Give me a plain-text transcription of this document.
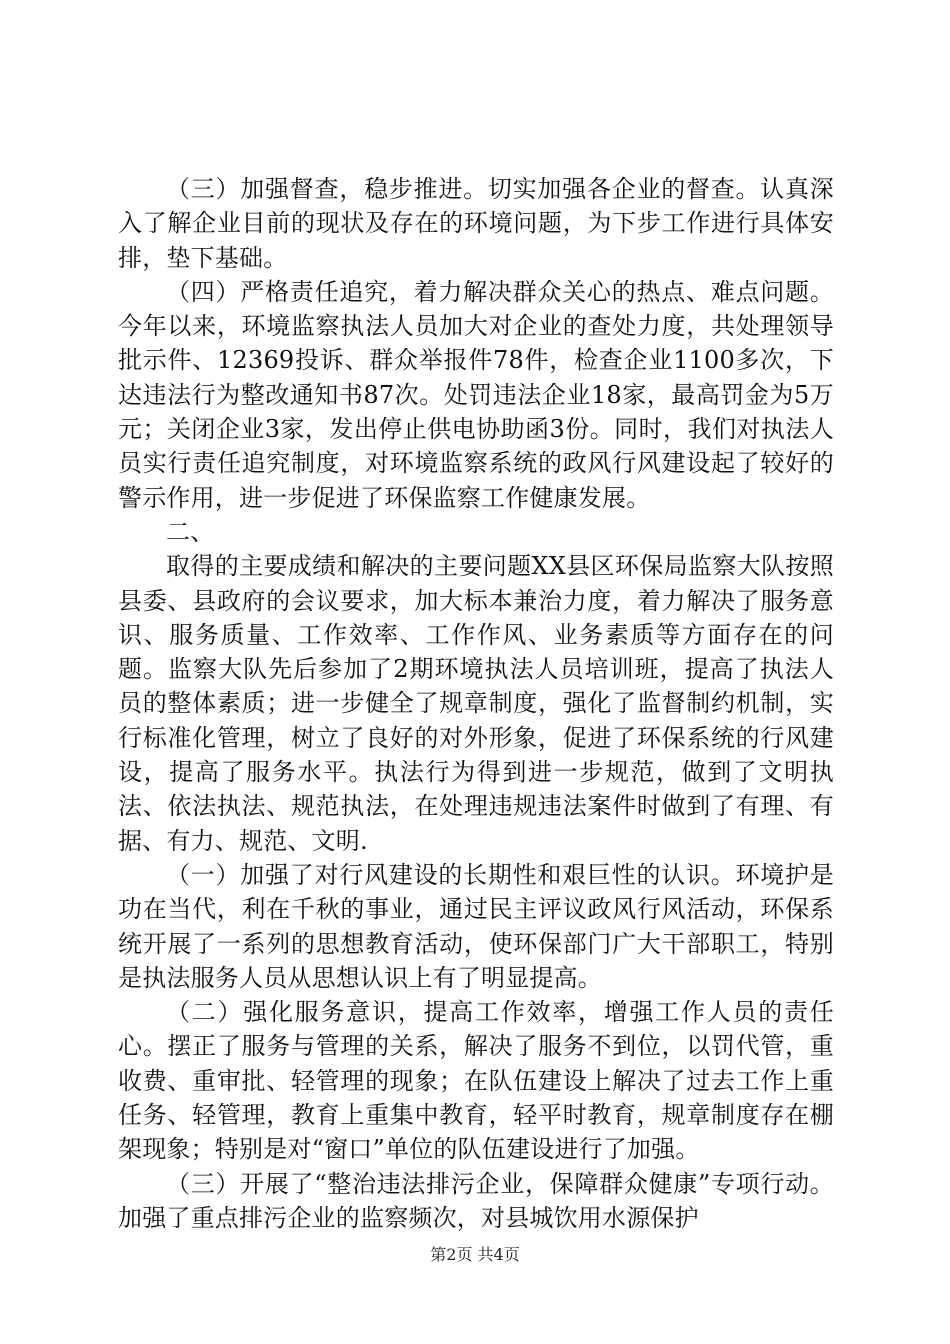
（三）加强督查，稳步推进。切实加强各企业的督查。认真深入了解企业目前的现状及存在的环境问题，为下步工作进行具体安排，垫下基础。

（四）严格责任追究，着力解决群众关心的热点、难点问题。今年以来，环境监察执法人员加大对企业的查处力度，共处理领导批示件、12369投诉、群众举报件78件，检查企业1100多次，下达违法行为整改通知书87次。处罚违法企业18家，最高罚金为5万元；关闭企业3家，发出停止供电协助函3份。同时，我们对执法人员实行责任追究制度，对环境监察系统的政风行风建设起了较好的警示作用，进一步促进了环保监察工作健康发展。

二、

取得的主要成绩和解决的主要问题XX县区环保局监察大队按照县委、县政府的会议要求，加大标本兼治力度，着力解决了服务意识、服务质量、工作效率、工作作风、业务素质等方面存在的问题。监察大队先后参加了2期环境执法人员培训班，提高了执法人员的整体素质；进一步健全了规章制度，强化了监督制约机制，实行标准化管理，树立了良好的对外形象，促进了环保系统的行风建设，提高了服务水平。执法行为得到进一步规范，做到了文明执法、依法执法、规范执法，在处理违规违法案件时做到了有理、有据、有力、规范、文明.

（一）加强了对行风建设的长期性和艰巨性的认识。环境护是功在当代，利在千秋的事业，通过民主评议政风行风活动，环保系统开展了一系列的思想教育活动，使环保部门广大干部职工，特别是执法服务人员从思想认识上有了明显提高。

（二）强化服务意识，提高工作效率，增强工作人员的责任心。摆正了服务与管理的关系，解决了服务不到位，以罚代管，重收费、重审批、轻管理的现象；在队伍建设上解决了过去工作上重任务、轻管理，教育上重集中教育，轻平时教育，规章制度存在棚架现象；特别是对“窗口”单位的队伍建设进行了加强。

（三）开展了“整治违法排污企业，保障群众健康”专项行动。加强了重点排污企业的监察频次，对县城饮用水源保护

第2页 共4页
